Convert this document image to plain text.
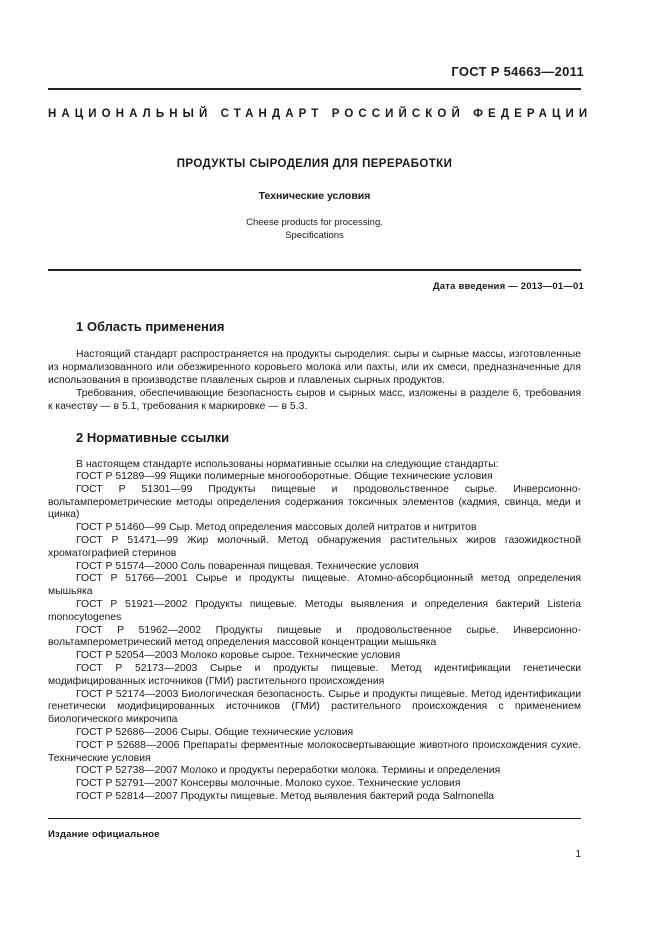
ГОСТ Р 54663—2011
НАЦИОНАЛЬНЫЙ СТАНДАРТ РОССИЙСКОЙ ФЕДЕРАЦИИ
ПРОДУКТЫ СЫРОДЕЛИЯ ДЛЯ ПЕРЕРАБОТКИ
Технические условия
Cheese products for processing.
Specifications
Дата введения — 2013—01—01
1 Область применения

Настоящий стандарт распространяется на продукты сыроделия: сыры и сырные массы, изготовленные из нормализованного или обезжиренного коровьего молока или пахты, или их смеси, предназначенные для использования в производстве плавленых сыров и плавленых сырных продуктов.

Требования, обеспечивающие безопасность сыров и сырных масс, изложены в разделе 6, требования к качеству — в 5.1, требования к маркировке — в 5.3.

2 Нормативные ссылки

В настоящем стандарте использованы нормативные ссылки на следующие стандарты:

ГОСТ Р 51289—99 Ящики полимерные многооборотные. Общие технические условия
ГОСТ Р 51301—99 Продукты пищевые и продовольственное сырье. Инверсионно-вольтамперометрические методы определения содержания токсичных элементов (кадмия, свинца, меди и цинка)
ГОСТ Р 51460—99 Сыр. Метод определения массовых долей нитратов и нитритов
ГОСТ Р 51471—99 Жир молочный. Метод обнаружения растительных жиров газожидкостной хроматографией стеринов
ГОСТ Р 51574—2000 Соль поваренная пищевая. Технические условия
ГОСТ Р 51766—2001 Сырье и продукты пищевые. Атомно-абсорбционный метод определения мышьяка
ГОСТ Р 51921—2002 Продукты пищевые. Методы выявления и определения бактерий Listeria monocytogenes
ГОСТ Р 51962—2002 Продукты пищевые и продовольственное сырье. Инверсионно-вольтамперометрический метод определения массовой концентрации мышьяка
ГОСТ Р 52054—2003 Молоко коровье сырое. Технические условия
ГОСТ Р 52173—2003 Сырье и продукты пищевые. Метод идентификации генетически модифицированных источников (ГМИ) растительного происхождения
ГОСТ Р 52174—2003 Биологическая безопасность. Сырье и продукты пищевые. Метод идентификации генетически модифицированных источников (ГМИ) растительного происхождения с применением биологического микрочипа
ГОСТ Р 52686—2006 Сыры. Общие технические условия
ГОСТ Р 52688—2006 Препараты ферментные молокосвертывающие животного происхождения сухие. Технические условия
ГОСТ Р 52738—2007 Молоко и продукты переработки молока. Термины и определения
ГОСТ Р 52791—2007 Консервы молочные. Молоко сухое. Технические условия
ГОСТ Р 52814—2007 Продукты пищевые. Метод выявления бактерий рода Salmonella
Издание официальное
1
